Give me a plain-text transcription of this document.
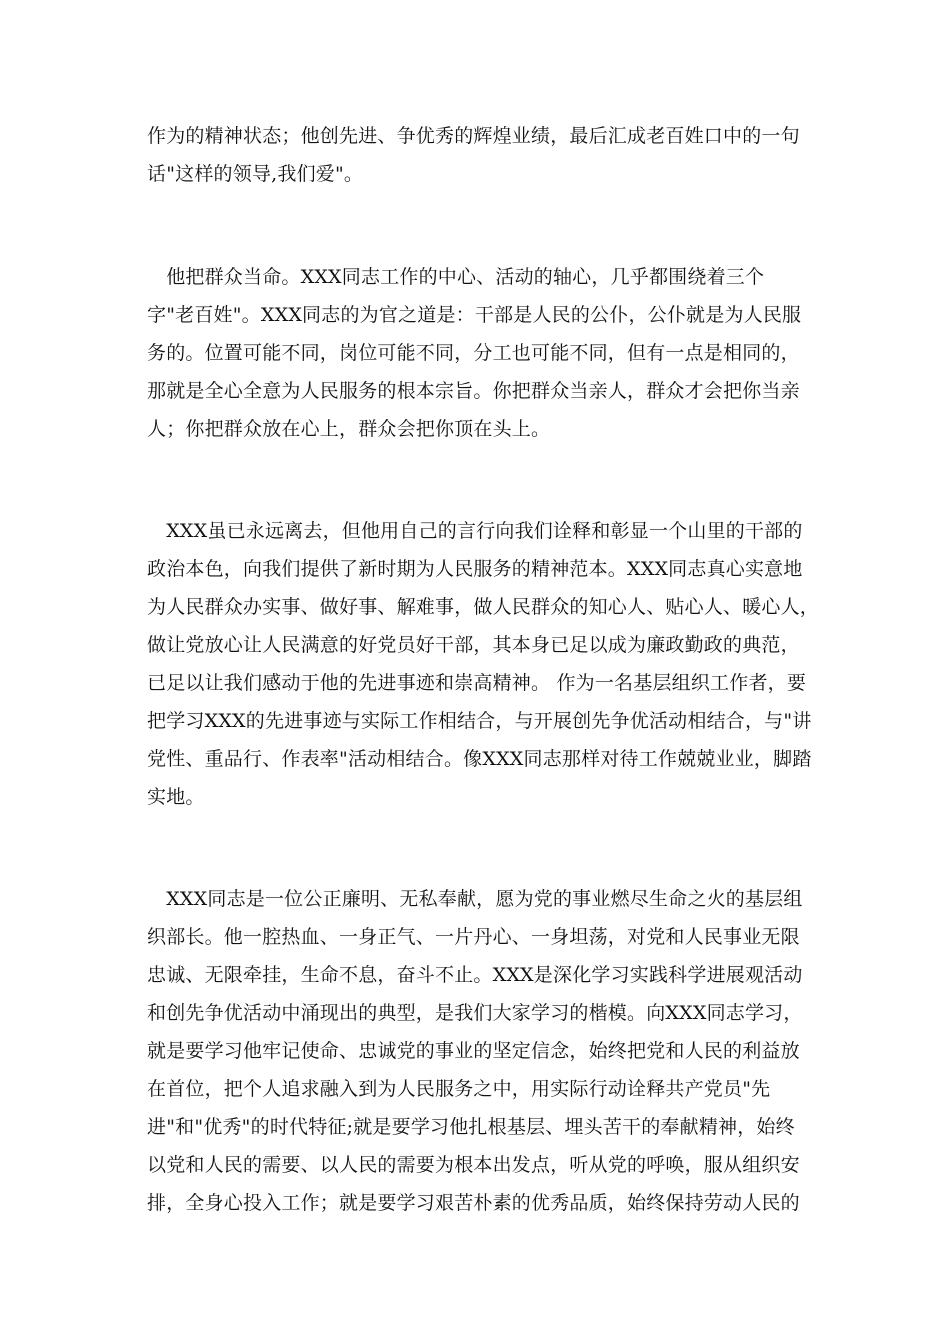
作为的精神状态；他创先进、争优秀的辉煌业绩，最后汇成老百姓口中的一句
话"这样的领导,我们爱"。
　他把群众当命。XXX同志工作的中心、活动的轴心，几乎都围绕着三个
字"老百姓"。XXX同志的为官之道是：干部是人民的公仆，公仆就是为人民服
务的。位置可能不同，岗位可能不同，分工也可能不同，但有一点是相同的，
那就是全心全意为人民服务的根本宗旨。你把群众当亲人，群众才会把你当亲
人；你把群众放在心上，群众会把你顶在头上。
　XXX虽已永远离去，但他用自己的言行向我们诠释和彰显一个山里的干部的
政治本色，向我们提供了新时期为人民服务的精神范本。XXX同志真心实意地
为人民群众办实事、做好事、解难事，做人民群众的知心人、贴心人、暖心人，
做让党放心让人民满意的好党员好干部，其本身已足以成为廉政勤政的典范，
已足以让我们感动于他的先进事迹和崇高精神。 作为一名基层组织工作者，要
把学习XXX的先进事迹与实际工作相结合，与开展创先争优活动相结合，与"讲
党性、重品行、作表率"活动相结合。像XXX同志那样对待工作兢兢业业，脚踏
实地。
　XXX同志是一位公正廉明、无私奉献，愿为党的事业燃尽生命之火的基层组
织部长。他一腔热血、一身正气、一片丹心、一身坦荡，对党和人民事业无限
忠诚、无限牵挂，生命不息，奋斗不止。XXX是深化学习实践科学进展观活动
和创先争优活动中涌现出的典型，是我们大家学习的楷模。向XXX同志学习，
就是要学习他牢记使命、忠诚党的事业的坚定信念，始终把党和人民的利益放
在首位，把个人追求融入到为人民服务之中，用实际行动诠释共产党员"先
进"和"优秀"的时代特征;就是要学习他扎根基层、埋头苦干的奉献精神，始终
以党和人民的需要、以人民的需要为根本出发点，听从党的呼唤，服从组织安
排，全身心投入工作；就是要学习艰苦朴素的优秀品质，始终保持劳动人民的
